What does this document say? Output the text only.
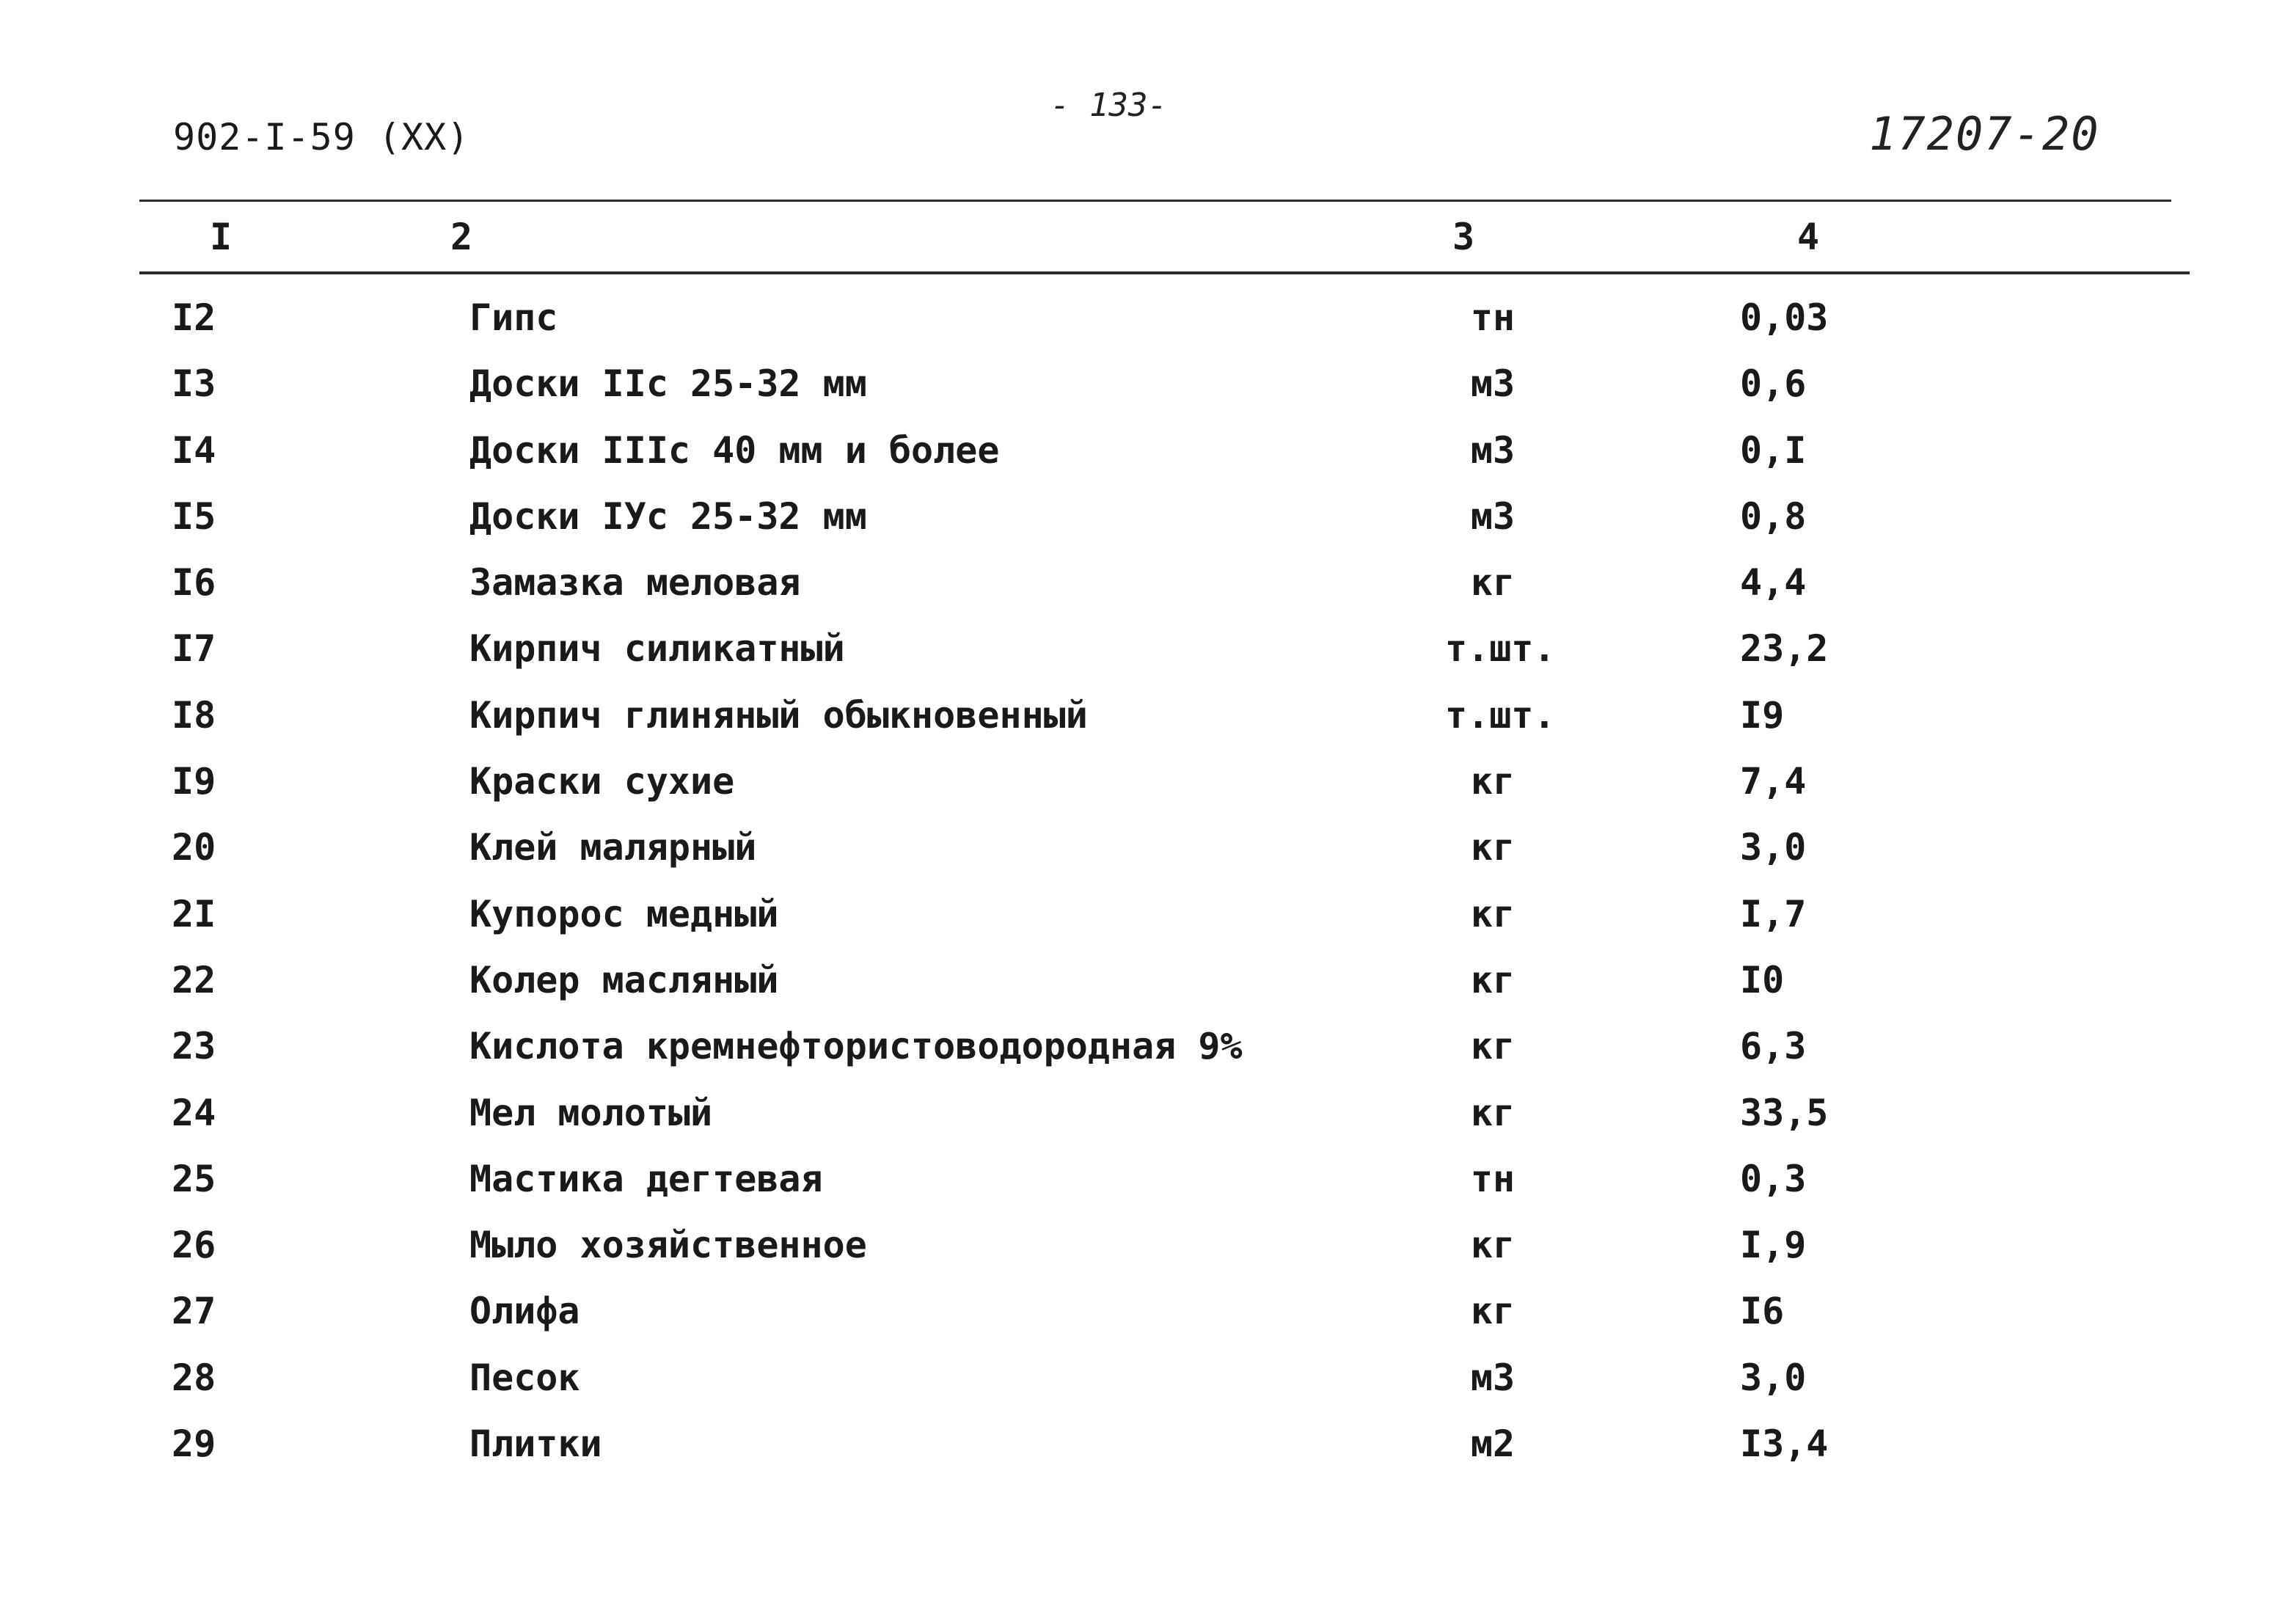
902-I-59 (XX)
- 133-
17207-20
I	2	3	4
I2	Гипс	тн	0,03
I3	Доски IIс 25-32 мм	м3	0,6
I4	Доски IIIс 40 мм и более	м3	0,I
I5	Доски IУс 25-32 мм	м3	0,8
I6	Замазка меловая	кг	4,4
I7	Кирпич силикатный	т.шт.	23,2
I8	Кирпич глиняный обыкновенный	т.шт.	I9
I9	Краски сухие	кг	7,4
20	Клей малярный	кг	3,0
2I	Купорос медный	кг	I,7
22	Колер масляный	кг	I0
23	Кислота кремнефтористоводородная 9%	кг	6,3
24	Мел молотый	кг	33,5
25	Мастика дегтевая	тн	0,3
26	Мыло хозяйственное	кг	I,9
27	Олифа	кг	I6
28	Песок	м3	3,0
29	Плитки	м2	I3,4
